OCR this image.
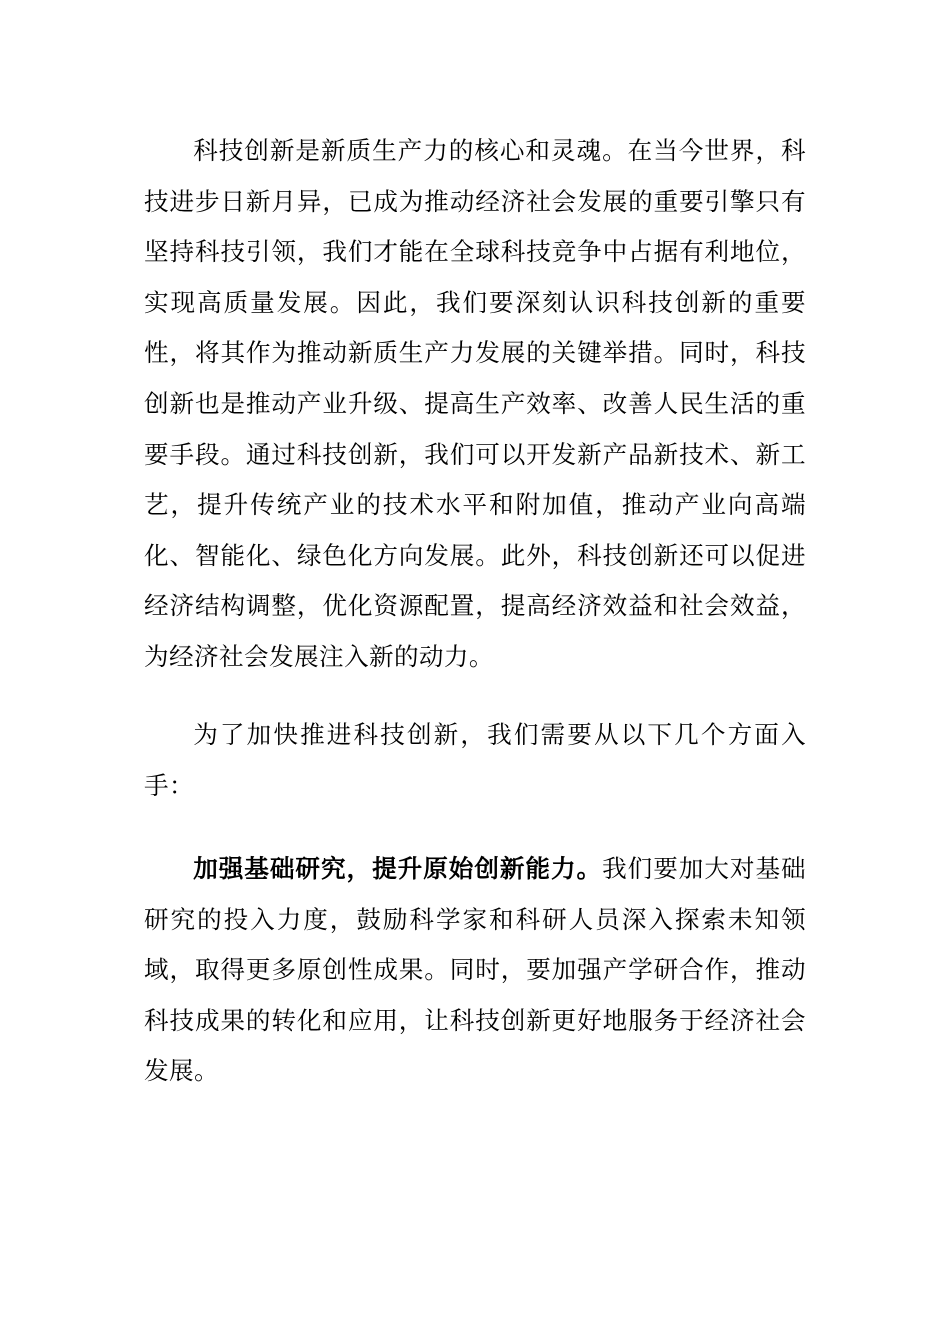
科技创新是新质生产力的核心和灵魂。在当今世界，科技进步日新月异，已成为推动经济社会发展的重要引擎只有坚持科技引领，我们才能在全球科技竞争中占据有利地位，实现高质量发展。因此，我们要深刻认识科技创新的重要性，将其作为推动新质生产力发展的关键举措。同时，科技创新也是推动产业升级、提高生产效率、改善人民生活的重要手段。通过科技创新，我们可以开发新产品新技术、新工艺，提升传统产业的技术水平和附加值，推动产业向高端化、智能化、绿色化方向发展。此外，科技创新还可以促进经济结构调整，优化资源配置，提高经济效益和社会效益，为经济社会发展注入新的动力。

为了加快推进科技创新，我们需要从以下几个方面入手：

加强基础研究，提升原始创新能力。我们要加大对基础研究的投入力度，鼓励科学家和科研人员深入探索未知领域，取得更多原创性成果。同时，要加强产学研合作，推动科技成果的转化和应用，让科技创新更好地服务于经济社会发展。
